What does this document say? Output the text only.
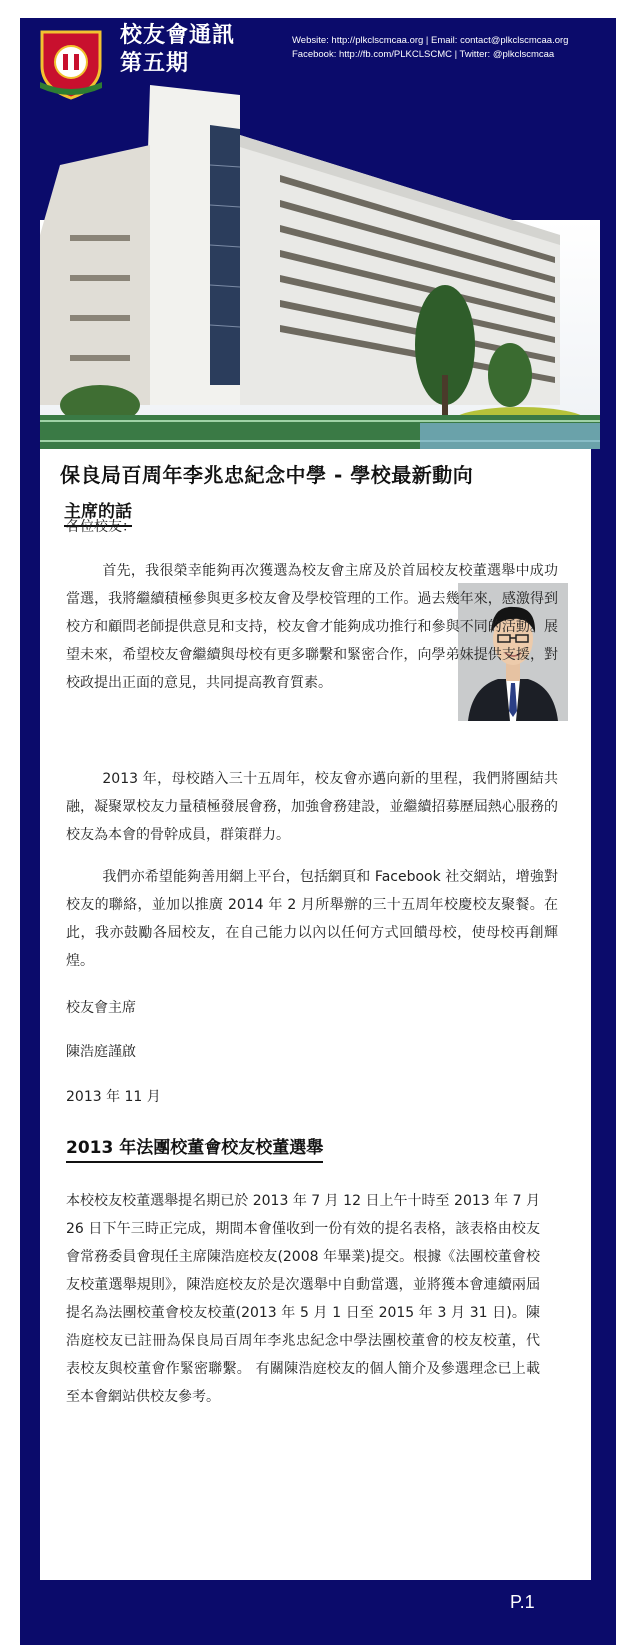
校友會通訊
第五期
Website: http://plkclscmcaa.org | Email: contact@plkclscmcaa.org
Facebook: http://fb.com/PLKCLSCMC | Twitter: @plkclscmcaa
保良局百周年李兆忠紀念中學 - 學校最新動向
主席的話
各位校友：
首先，我很榮幸能夠再次獲選為校友會主席及於首屆校友校董選舉中成功當選，我將繼續積極參與更多校友會及學校管理的工作。過去幾年來，感激得到校方和顧問老師提供意見和支持，校友會才能夠成功推行和參與不同的活動。展望未來，希望校友會繼續與母校有更多聯繫和緊密合作，向學弟妹提供支援，對校政提出正面的意見，共同提高教育質素。
2013 年，母校踏入三十五周年，校友會亦邁向新的里程，我們將團結共融，凝聚眾校友力量積極發展會務，加強會務建設，並繼續招募歷屆熱心服務的校友為本會的骨幹成員，群策群力。
我們亦希望能夠善用網上平台，包括網頁和 Facebook 社交網站，增強對校友的聯絡，並加以推廣 2014 年 2 月所舉辦的三十五周年校慶校友聚餐。在此，我亦鼓勵各屆校友，在自己能力以內以任何方式回饋母校，使母校再創輝煌。
校友會主席
陳浩庭謹啟
2013 年 11 月
2013 年法團校董會校友校董選舉
本校校友校董選舉提名期已於 2013 年 7 月 12 日上午十時至 2013 年 7 月 26 日下午三時正完成，期間本會僅收到一份有效的提名表格，該表格由校友會常務委員會現任主席陳浩庭校友(2008 年畢業)提交。根據《法團校董會校友校董選舉規則》，陳浩庭校友於是次選舉中自動當選，並將獲本會連續兩屆提名為法團校董會校友校董(2013 年 5 月 1 日至 2015 年 3 月 31 日)。陳浩庭校友已註冊為保良局百周年李兆忠紀念中學法團校董會的校友校董，代表校友與校董會作緊密聯繫。 有關陳浩庭校友的個人簡介及參選理念已上載至本會網站供校友參考。
P.1
